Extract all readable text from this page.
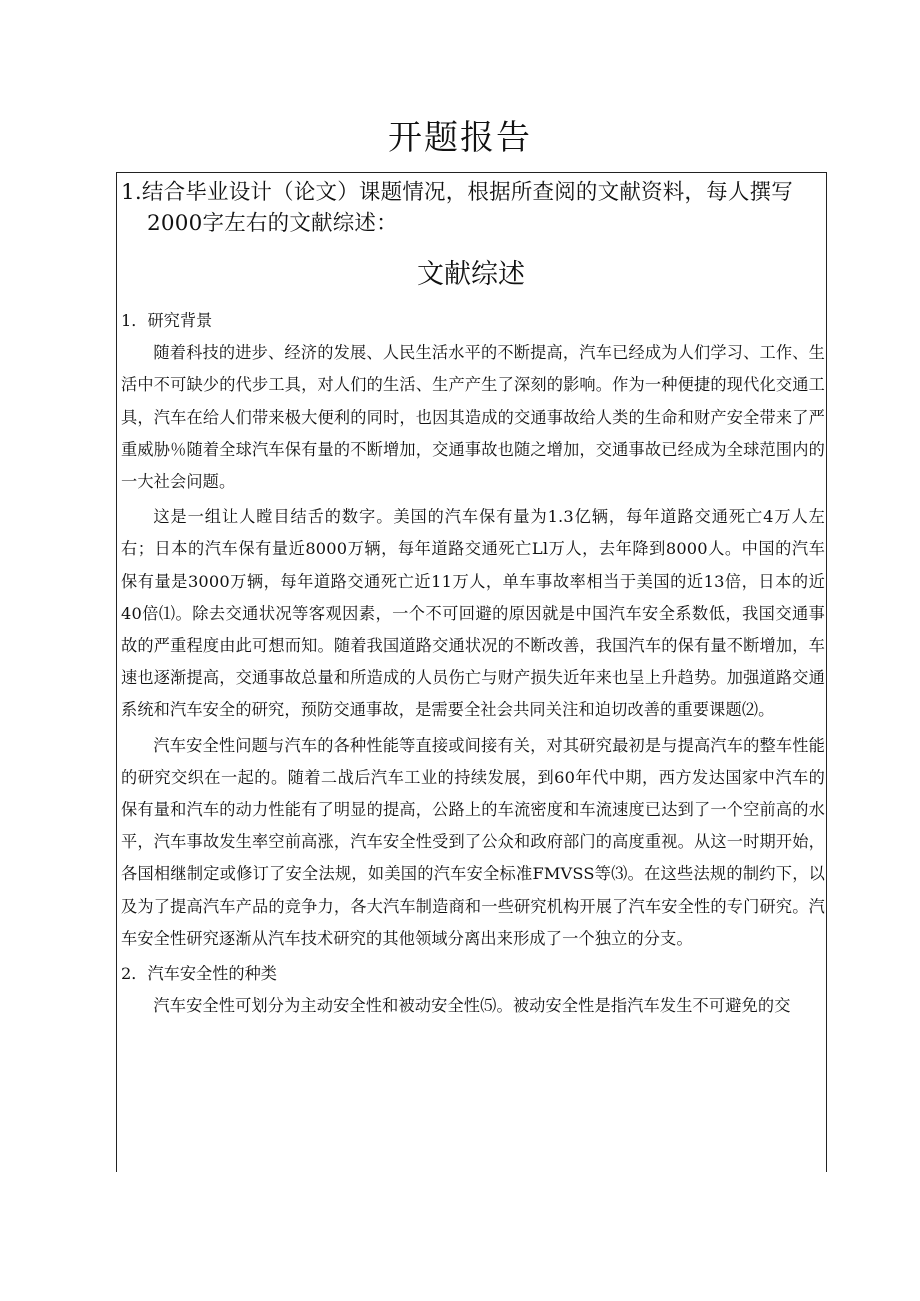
开题报告
1.结合毕业设计（论文）课题情况，根据所查阅的文献资料，每人撰写
2000字左右的文献综述：
文献综述

1．研究背景

随着科技的进步、经济的发展、人民生活水平的不断提高，汽车已经成为人们学习、工作、生活中不可缺少的代步工具，对人们的生活、生产产生了深刻的影响。作为一种便捷的现代化交通工具，汽车在给人们带来极大便利的同时，也因其造成的交通事故给人类的生命和财产安全带来了严重威胁％随着全球汽车保有量的不断增加，交通事故也随之增加，交通事故已经成为全球范围内的一大社会问题。

这是一组让人瞠目结舌的数字。美国的汽车保有量为1.3亿辆，每年道路交通死亡4万人左右；日本的汽车保有量近8000万辆，每年道路交通死亡Ll万人，去年降到8000人。中国的汽车保有量是3000万辆，每年道路交通死亡近11万人，单车事故率相当于美国的近13倍，日本的近40倍⑴。除去交通状况等客观因素，一个不可回避的原因就是中国汽车安全系数低，我国交通事故的严重程度由此可想而知。随着我国道路交通状况的不断改善，我国汽车的保有量不断增加，车速也逐渐提高，交通事故总量和所造成的人员伤亡与财产损失近年来也呈上升趋势。加强道路交通系统和汽车安全的研究，预防交通事故，是需要全社会共同关注和迫切改善的重要课题⑵。

汽车安全性问题与汽车的各种性能等直接或间接有关，对其研究最初是与提高汽车的整车性能的研究交织在一起的。随着二战后汽车工业的持续发展，到60年代中期，西方发达国家中汽车的保有量和汽车的动力性能有了明显的提高，公路上的车流密度和车流速度已达到了一个空前高的水平，汽车事故发生率空前高涨，汽车安全性受到了公众和政府部门的高度重视。从这一时期开始，各国相继制定或修订了安全法规，如美国的汽车安全标准FMVSS等⑶。在这些法规的制约下，以及为了提高汽车产品的竞争力，各大汽车制造商和一些研究机构开展了汽车安全性的专门研究。汽车安全性研究逐渐从汽车技术研究的其他领域分离出来形成了一个独立的分支。

2．汽车安全性的种类

汽车安全性可划分为主动安全性和被动安全性⑸。被动安全性是指汽车发生不可避免的交
